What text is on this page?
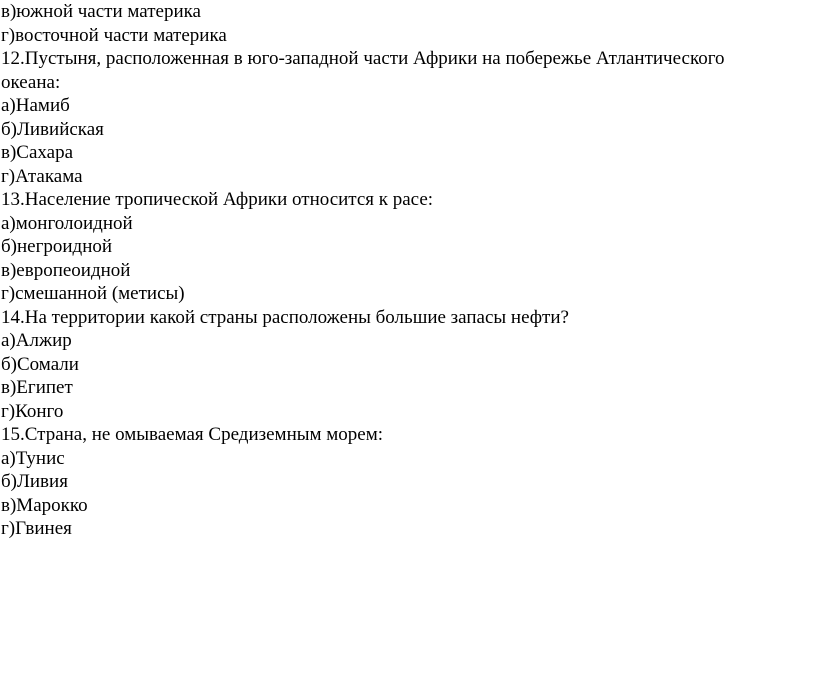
в)южной части материка
г)восточной части материка
12.Пустыня, расположенная в юго-западной части Африки на побережье Атлантического
океана:
а)Намиб
б)Ливийская
в)Сахара
г)Атакама
13.Население тропической Африки относится к расе:
а)монголоидной
б)негроидной
в)европеоидной
г)смешанной (метисы)
14.На территории какой страны расположены большие запасы нефти?
а)Алжир
б)Сомали
в)Египет
г)Конго
15.Страна, не омываемая Средиземным морем:
а)Тунис
б)Ливия
в)Марокко
г)Гвинея
